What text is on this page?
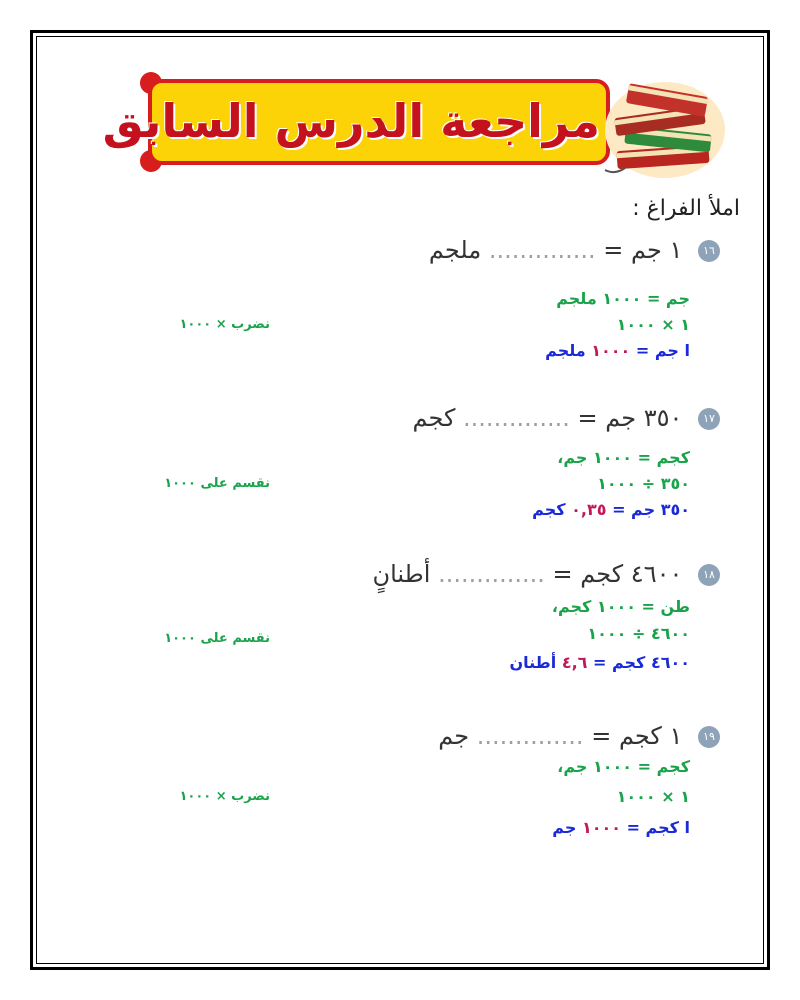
مراجعة الدرس السابق
املأ الفراغ :
١٦ ١ جم = .............. ملجم
جم = ١٠٠٠ ملجم
١ × ١٠٠٠
ا جم = ١٠٠٠ ملجم
نضرب × ١٠٠٠
١٧ ٣٥٠ جم = .............. كجم
كجم = ١٠٠٠ جم،
٣٥٠ ÷ ١٠٠٠
٣٥٠ جم = ٠,٣٥ كجم
نقسم على ١٠٠٠
١٨ ٤٦٠٠ كجم = .............. أطنانٍ
طن = ١٠٠٠ كجم،
٤٦٠٠ ÷ ١٠٠٠
٤٦٠٠ كجم = ٤,٦ أطنان
نقسم على ١٠٠٠
١٩ ١ كجم = .............. جم
كجم = ١٠٠٠ جم،
١ × ١٠٠٠
ا كجم = ١٠٠٠ جم
نضرب × ١٠٠٠
